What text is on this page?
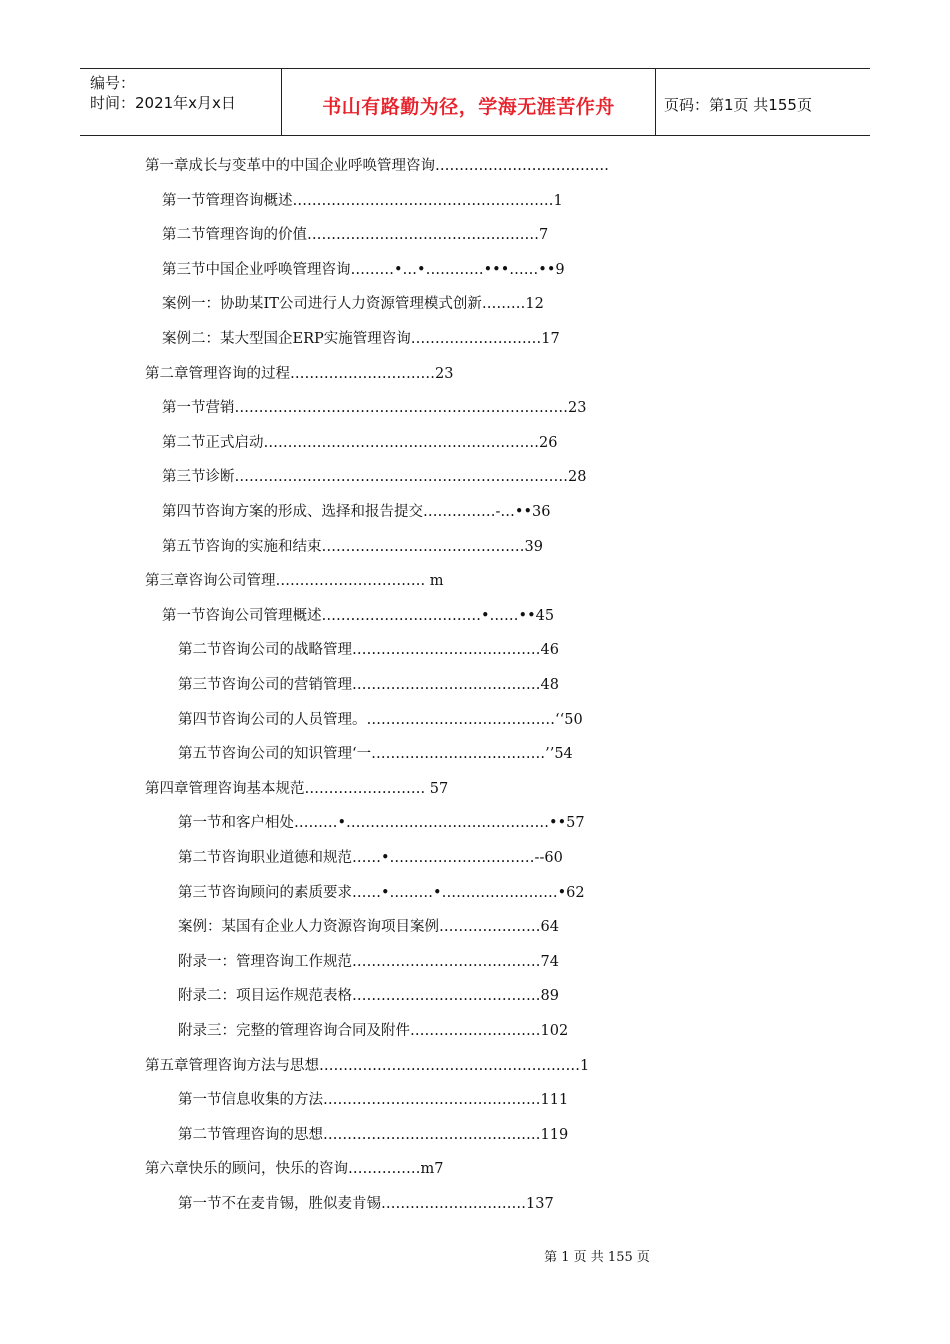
编号：
时间：2021年x月x日	书山有路勤为径，学海无涯苦作舟	页码：第1页 共155页
第一章成长与变革中的中国企业呼唤管理咨询………………………………
第一节管理咨询概述………………………………………………1
第二节管理咨询的价值…………………………………………7
第三节中国企业呼唤管理咨询………•…•…………•••……••9
案例一：协助某IT公司进行人力资源管理模式创新………12
案例二：某大型国企ERP实施管理咨询………………………17
第二章管理咨询的过程…………………………23
第一节营销……………………………………………………………23
第二节正式启动…………………………………………………26
第三节诊断……………………………………………………………28
第四节咨询方案的形成、选择和报告提交……………-…••36
第五节咨询的实施和结束……………………………………39
第三章咨询公司管理…………………………. m
第一节咨询公司管理概述……………………………•……••45
第二节咨询公司的战略管理…………………………………46
第三节咨询公司的营销管理…………………………………48
第四节咨询公司的人员管理。…………………………………‘‘50
第五节咨询公司的知识管理‘一………………………………’’54
第四章管理咨询基本规范……………………. 57
第一节和客户相处………•……………………………………••57
第二节咨询职业道德和规范……•…………………………--60
第三节咨询顾问的素质要求……•………•……………………•62
案例：某国有企业人力资源咨询项目案例…………………64
附录一：管理咨询工作规范…………………………………74
附录二：项目运作规范表格…………………………………89
附录三：完整的管理咨询合同及附件………………………102
第五章管理咨询方法与思想………………………………………………1
第一节信息收集的方法………………………………………111
第二节管理咨询的思想………………………………………119
第六章快乐的顾问，快乐的咨询……………m7
第一节不在麦肯锡，胜似麦肯锡…………………………137
第 1 页 共 155 页
